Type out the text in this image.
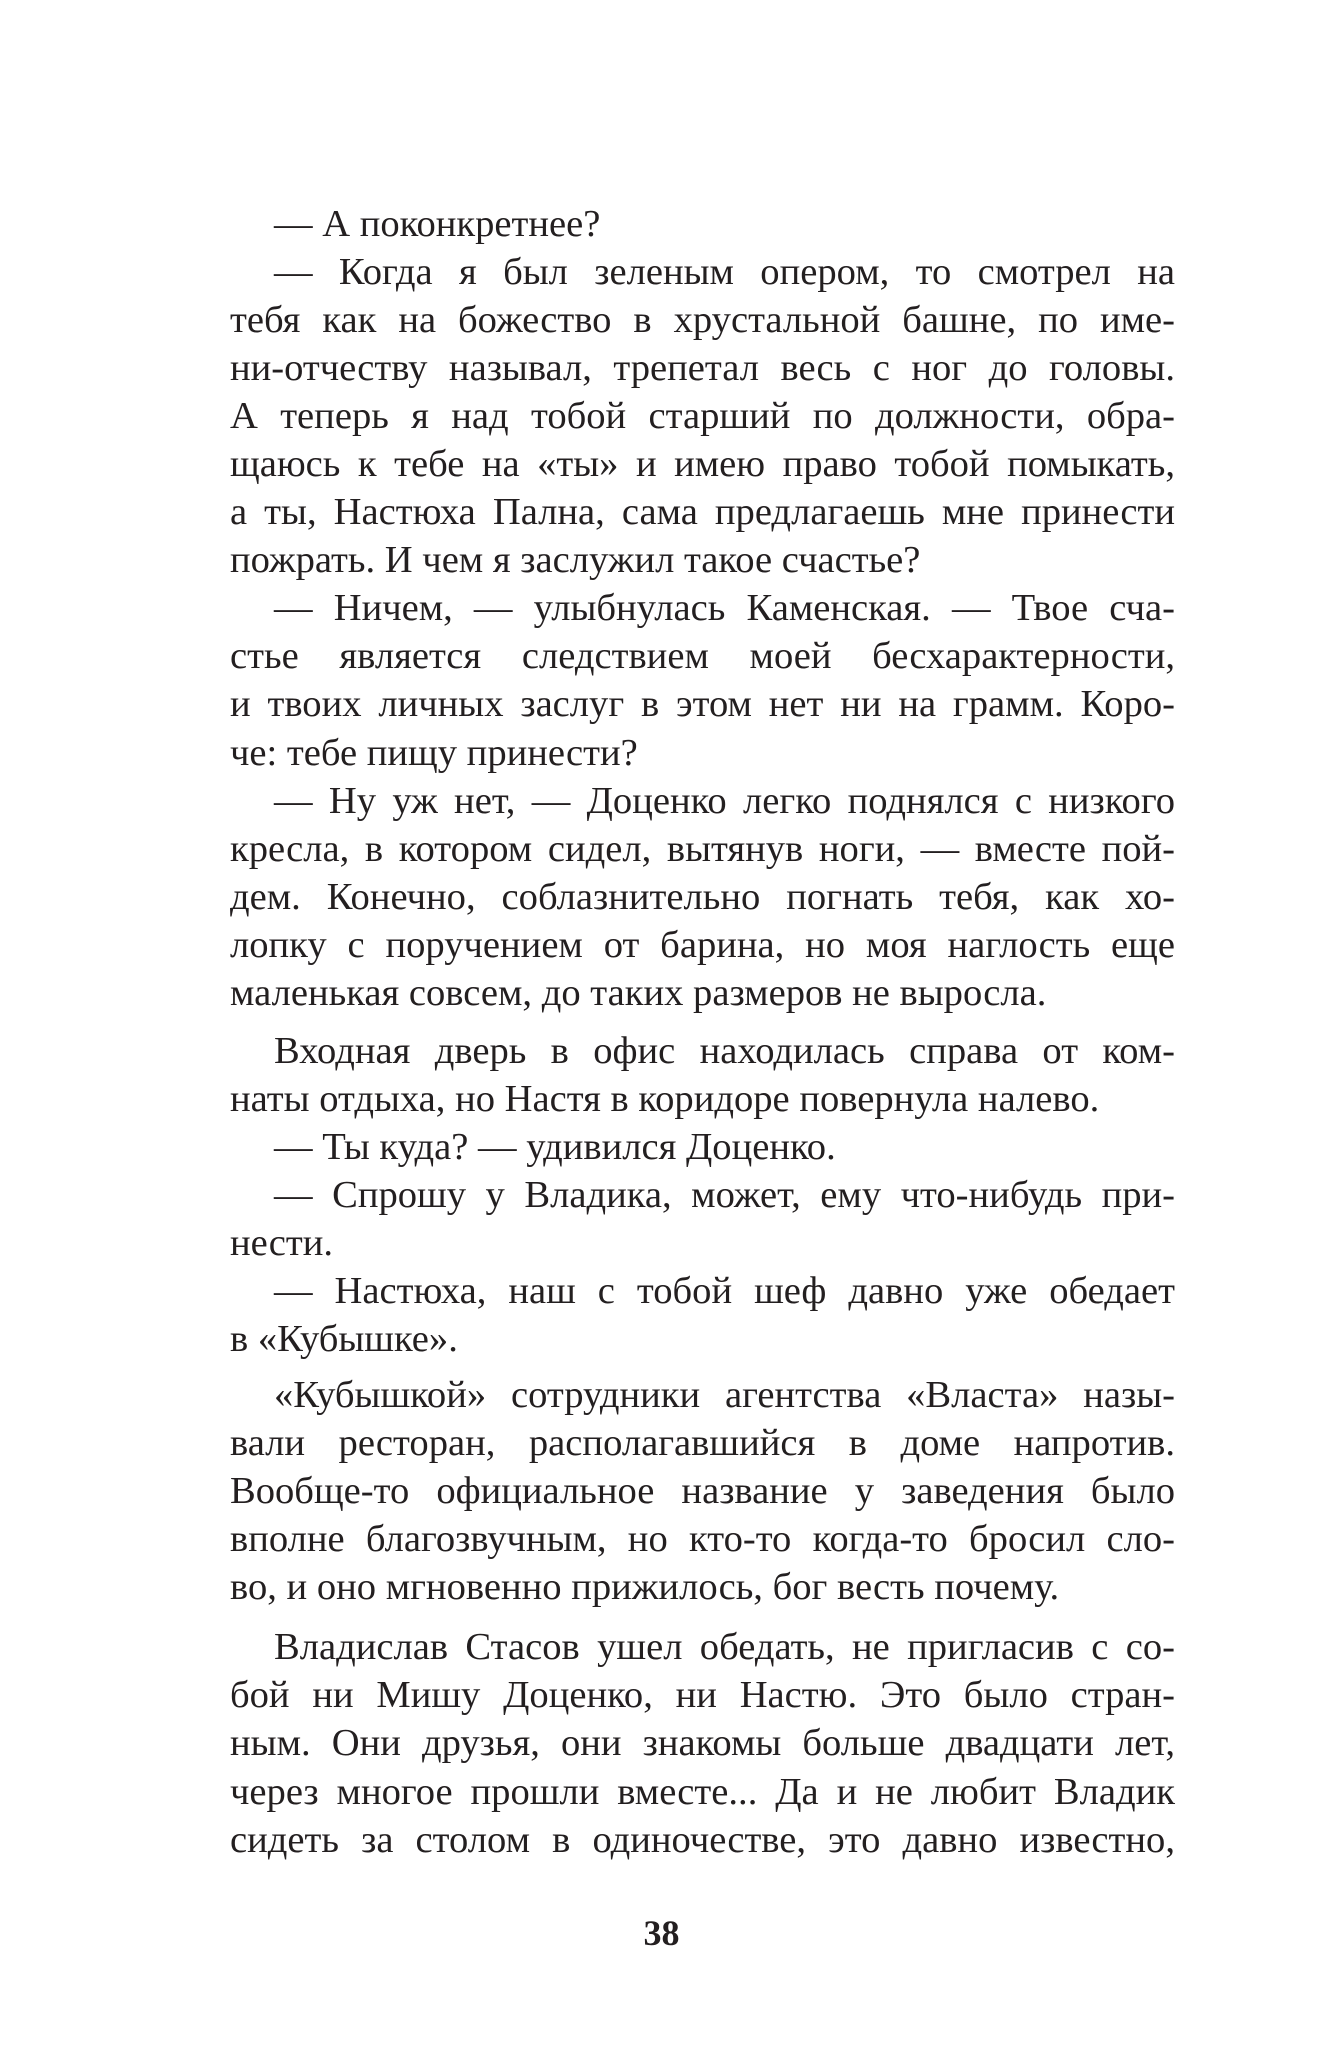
— А поконкретнее?
— Когда я был зеленым опером, то смотрел на
тебя как на божество в хрустальной башне, по име-
ни-отчеству называл, трепетал весь с ног до головы.
А теперь я над тобой старший по должности, обра-
щаюсь к тебе на «ты» и имею право тобой помыкать,
а ты, Настюха Пална, сама предлагаешь мне принести
пожрать. И чем я заслужил такое счастье?
— Ничем, — улыбнулась Каменская. — Твое сча-
стье является следствием моей бесхарактерности,
и твоих личных заслуг в этом нет ни на грамм. Коро-
че: тебе пищу принести?
— Ну уж нет, — Доценко легко поднялся с низкого
кресла, в котором сидел, вытянув ноги, — вместе пой-
дем. Конечно, соблазнительно погнать тебя, как хо-
лопку с поручением от барина, но моя наглость еще
маленькая совсем, до таких размеров не выросла.
Входная дверь в офис находилась справа от ком-
наты отдыха, но Настя в коридоре повернула налево.
— Ты куда? — удивился Доценко.
— Спрошу у Владика, может, ему что-нибудь при-
нести.
— Настюха, наш с тобой шеф давно уже обедает
в «Кубышке».
«Кубышкой» сотрудники агентства «Власта» назы-
вали ресторан, располагавшийся в доме напротив.
Вообще-то официальное название у заведения было
вполне благозвучным, но кто-то когда-то бросил сло-
во, и оно мгновенно прижилось, бог весть почему.
Владислав Стасов ушел обедать, не пригласив с со-
бой ни Мишу Доценко, ни Настю. Это было стран-
ным. Они друзья, они знакомы больше двадцати лет,
через многое прошли вместе... Да и не любит Владик
сидеть за столом в одиночестве, это давно известно,
38
